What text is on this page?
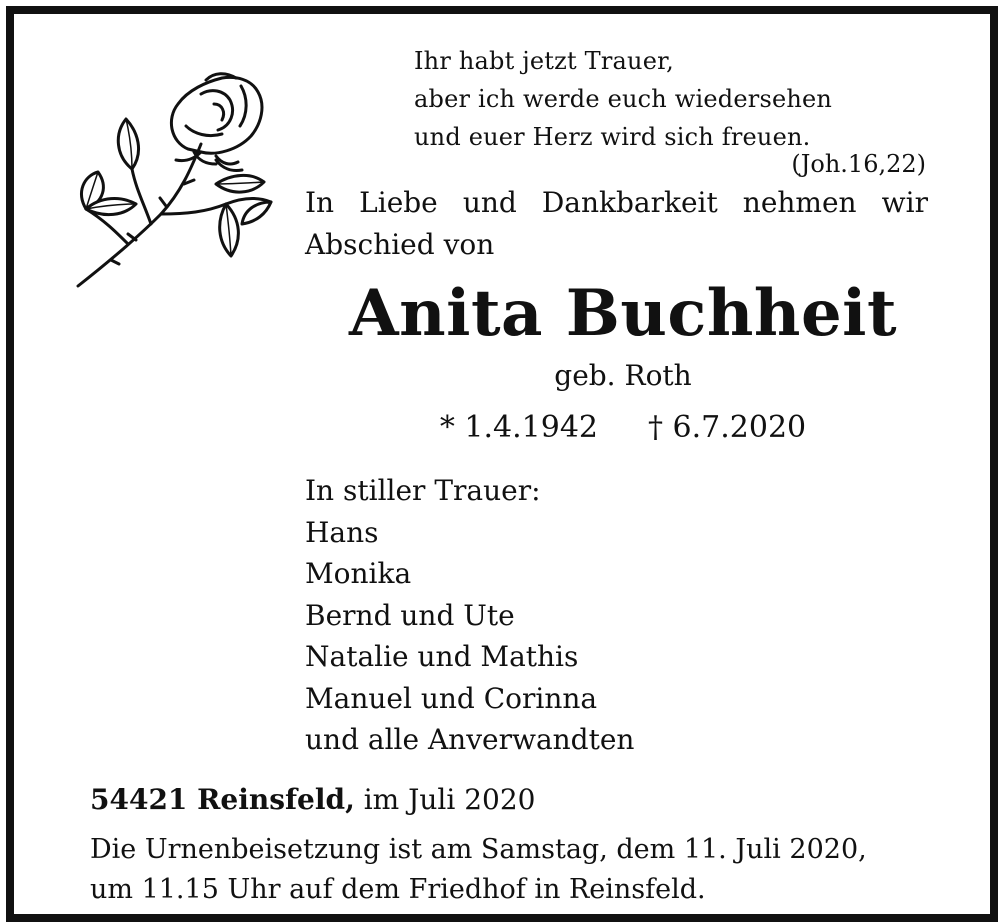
Ihr habt jetzt Trauer,
aber ich werde euch wiedersehen
und euer Herz wird sich freuen.
(Joh.16,22)
In Liebe und Dankbarkeit nehmen wir
Abschied von
Anita Buchheit
geb. Roth
* 1.4.1942 † 6.7.2020
In stiller Trauer:
Hans
Monika
Bernd und Ute
Natalie und Mathis
Manuel und Corinna
und alle Anverwandten
54421 Reinsfeld, im Juli 2020
Die Urnenbeisetzung ist am Samstag, dem 11. Juli 2020,
um 11.15 Uhr auf dem Friedhof in Reinsfeld.
